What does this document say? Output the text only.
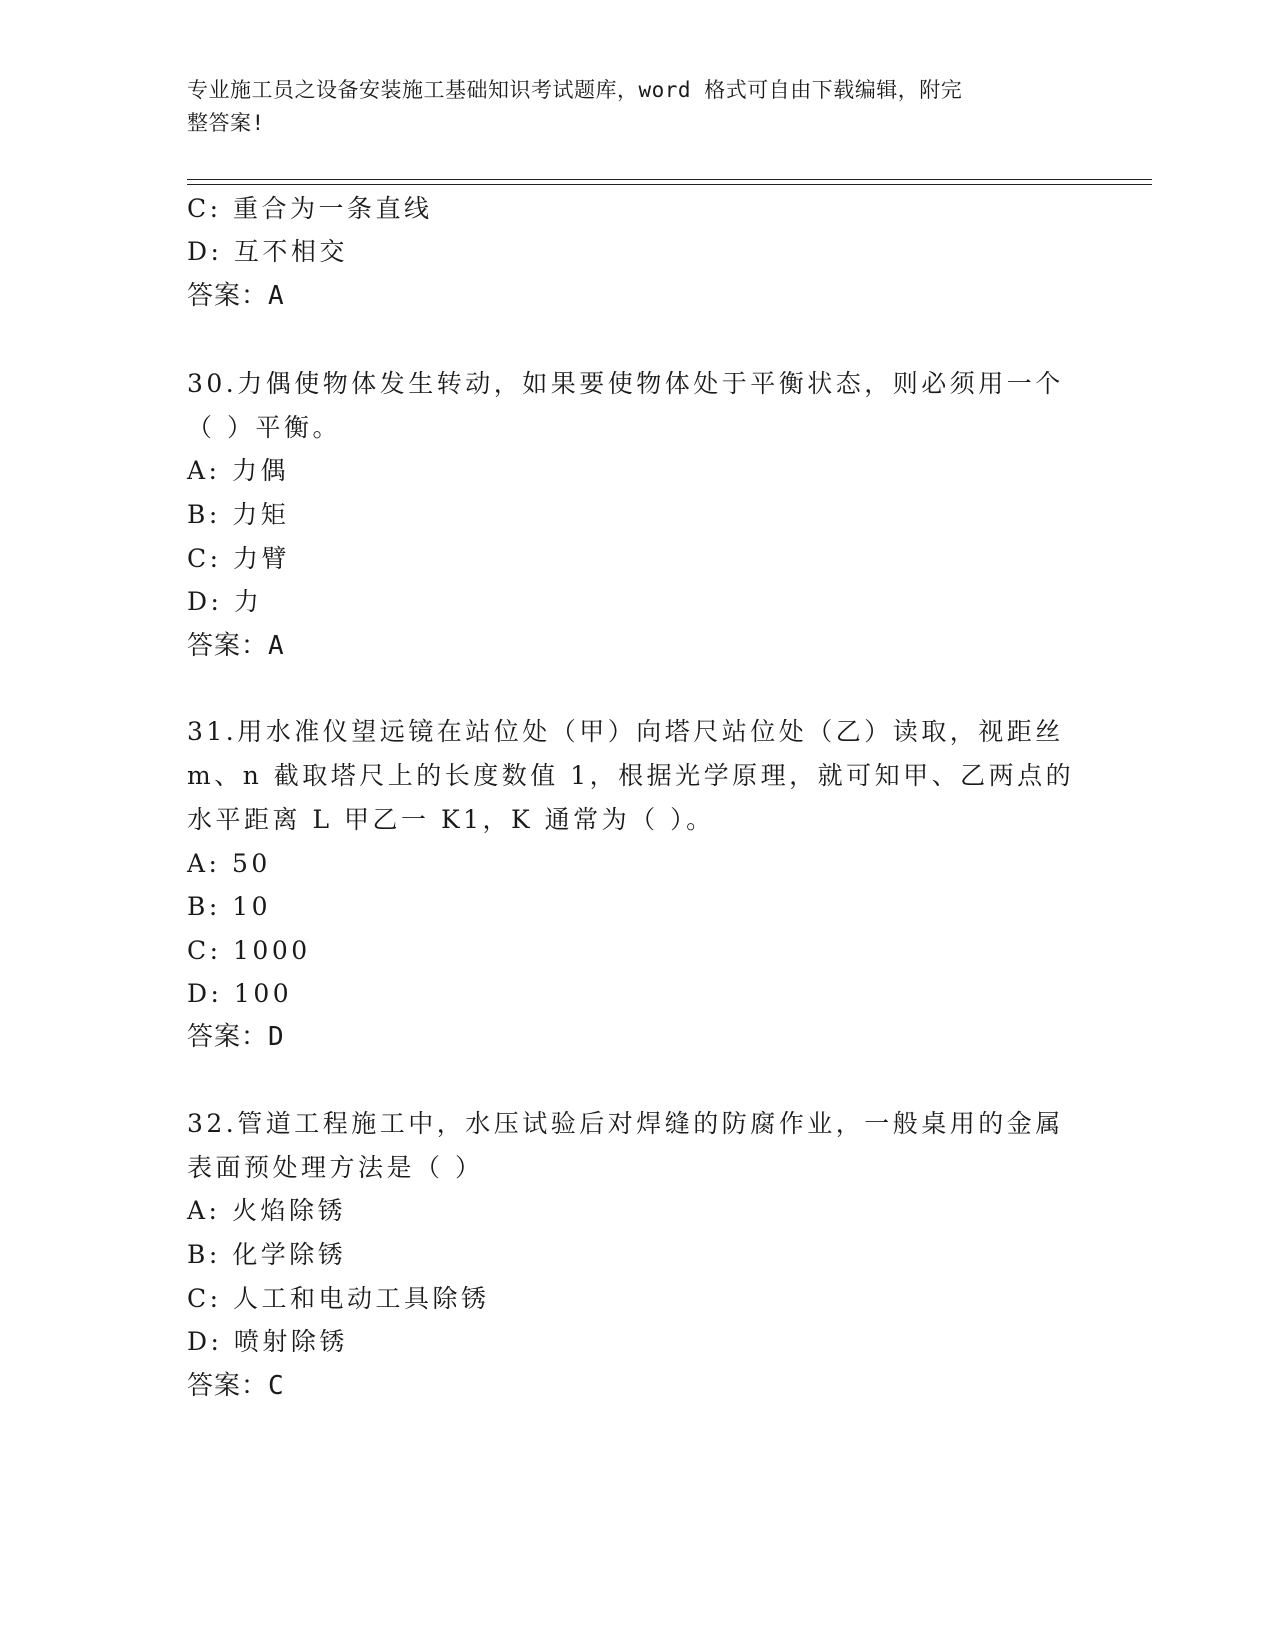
专业施工员之设备安装施工基础知识考试题库，word 格式可自由下载编辑，附完
整答案!
C: 重合为一条直线
D: 互不相交
答案：A
30.力偶使物体发生转动，如果要使物体处于平衡状态，则必须用一个
（ ）平衡。
A: 力偶
B: 力矩
C: 力臂
D: 力
答案：A
31.用水准仪望远镜在站位处（甲）向塔尺站位处（乙）读取，视距丝
m、n 截取塔尺上的长度数值 1，根据光学原理，就可知甲、乙两点的
水平距离 L 甲乙一 K1，K 通常为（ ）。
A: 50
B: 10
C: 1000
D: 100
答案：D
32.管道工程施工中，水压试验后对焊缝的防腐作业，一般桌用的金属
表面预处理方法是（ ）
A: 火焰除锈
B: 化学除锈
C: 人工和电动工具除锈
D: 喷射除锈
答案：C
